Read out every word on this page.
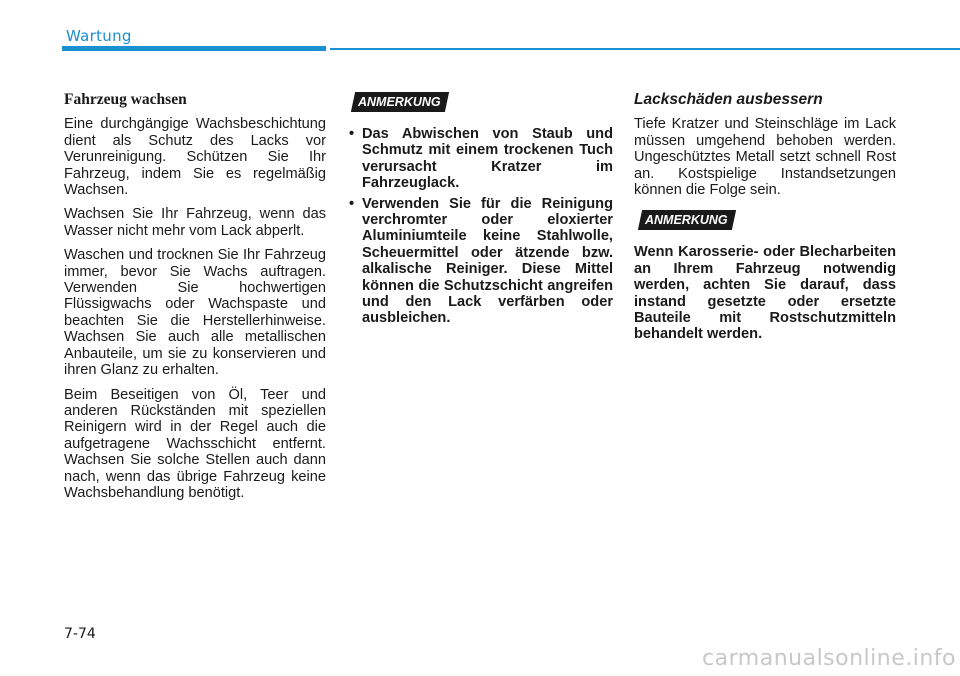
Wartung
Fahrzeug wachsen

Eine durchgängige Wachsbeschichtung dient als Schutz des Lacks vor Verunreinigung. Schützen Sie Ihr Fahrzeug, indem Sie es regelmäßig Wachsen.

Wachsen Sie Ihr Fahrzeug, wenn das Wasser nicht mehr vom Lack abperlt.

Waschen und trocknen Sie Ihr Fahrzeug immer, bevor Sie Wachs auftragen. Verwenden Sie hochwertigen Flüssigwachs oder Wachspaste und beachten Sie die Herstellerhinweise. Wachsen Sie auch alle metallischen Anbauteile, um sie zu konservieren und ihren Glanz zu erhalten.

Beim Beseitigen von Öl, Teer und anderen Rückständen mit speziellen Reinigern wird in der Regel auch die aufgetragene Wachsschicht entfernt. Wachsen Sie solche Stellen auch dann nach, wenn das übrige Fahrzeug keine Wachsbehandlung benötigt.

ANMERKUNG
• Das Abwischen von Staub und Schmutz mit einem trockenen Tuch verursacht Kratzer im Fahrzeuglack.
• Verwenden Sie für die Reinigung verchromter oder eloxierter Aluminiumteile keine Stahlwolle, Scheuermittel oder ätzende bzw. alkalische Reiniger. Diese Mittel können die Schutzschicht angreifen und den Lack verfärben oder ausbleichen.
Lackschäden ausbessern

Tiefe Kratzer und Steinschläge im Lack müssen umgehend behoben werden. Ungeschütztes Metall setzt schnell Rost an. Kostspielige Instandsetzungen können die Folge sein.

ANMERKUNG

Wenn Karosserie- oder Blecharbeiten an Ihrem Fahrzeug notwendig werden, achten Sie darauf, dass instand gesetzte oder ersetzte Bauteile mit Rostschutzmitteln behandelt werden.

7-74
carmanualsonline.info
